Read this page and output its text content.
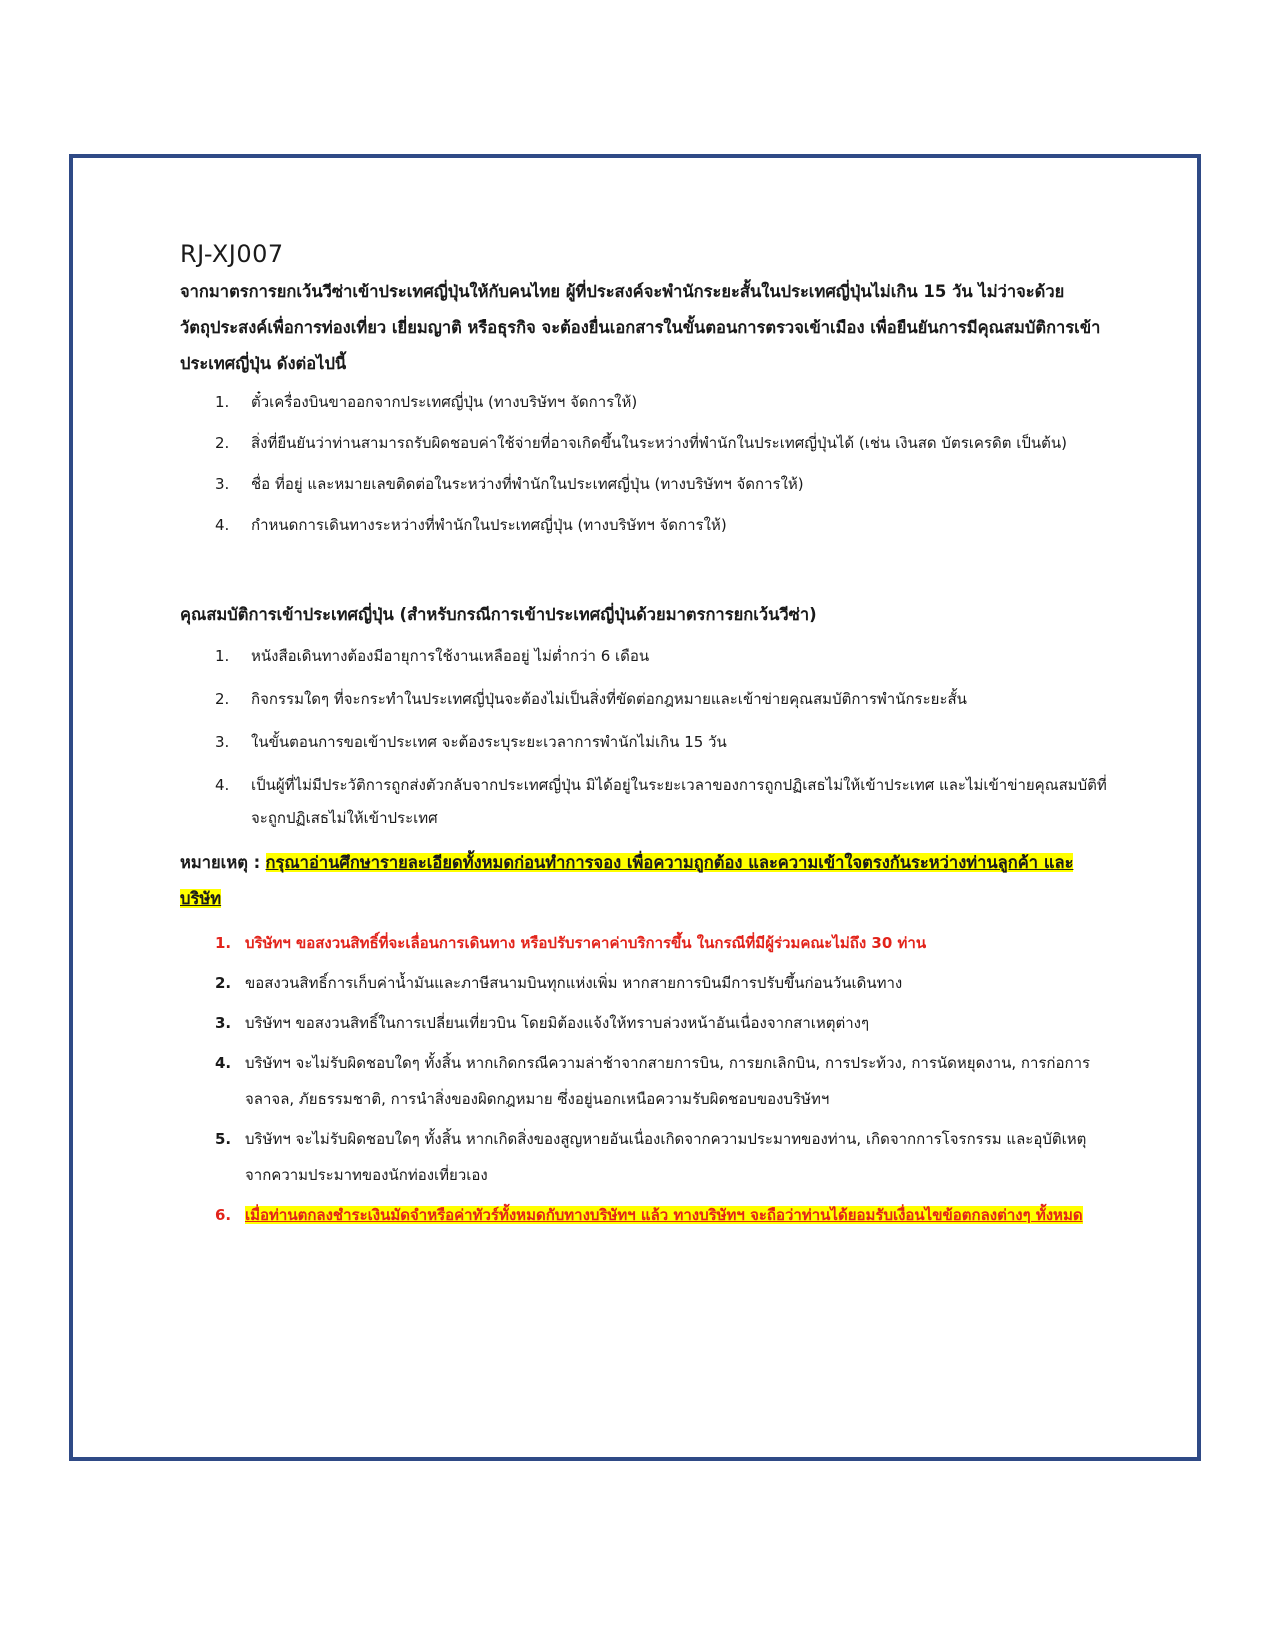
RJ-XJ007

จากมาตรการยกเว้นวีซ่าเข้าประเทศญี่ปุ่นให้กับคนไทย ผู้ที่ประสงค์จะพำนักระยะสั้นในประเทศญี่ปุ่นไม่เกิน 15 วัน ไม่ว่าจะด้วยวัตถุประสงค์เพื่อการท่องเที่ยว เยี่ยมญาติ หรือธุรกิจ จะต้องยื่นเอกสารในขั้นตอนการตรวจเข้าเมือง เพื่อยืนยันการมีคุณสมบัติการเข้าประเทศญี่ปุ่น ดังต่อไปนี้

1.	ตั๋วเครื่องบินขาออกจากประเทศญี่ปุ่น (ทางบริษัทฯ จัดการให้)
2.	สิ่งที่ยืนยันว่าท่านสามารถรับผิดชอบค่าใช้จ่ายที่อาจเกิดขึ้นในระหว่างที่พำนักในประเทศญี่ปุ่นได้ (เช่น เงินสด บัตรเครดิต เป็นต้น)
3.	ชื่อ ที่อยู่ และหมายเลขติดต่อในระหว่างที่พำนักในประเทศญี่ปุ่น (ทางบริษัทฯ จัดการให้)
4.	กำหนดการเดินทางระหว่างที่พำนักในประเทศญี่ปุ่น (ทางบริษัทฯ จัดการให้)
คุณสมบัติการเข้าประเทศญี่ปุ่น (สำหรับกรณีการเข้าประเทศญี่ปุ่นด้วยมาตรการยกเว้นวีซ่า)
1.	หนังสือเดินทางต้องมีอายุการใช้งานเหลืออยู่ ไม่ต่ำกว่า 6 เดือน
2.	กิจกรรมใดๆ ที่จะกระทำในประเทศญี่ปุ่นจะต้องไม่เป็นสิ่งที่ขัดต่อกฎหมายและเข้าข่ายคุณสมบัติการพำนักระยะสั้น
3.	ในขั้นตอนการขอเข้าประเทศ จะต้องระบุระยะเวลาการพำนักไม่เกิน 15 วัน
4.	เป็นผู้ที่ไม่มีประวัติการถูกส่งตัวกลับจากประเทศญี่ปุ่น มิได้อยู่ในระยะเวลาของการถูกปฏิเสธไม่ให้เข้าประเทศ และไม่เข้าข่ายคุณสมบัติที่จะถูกปฏิเสธไม่ให้เข้าประเทศ

หมายเหตุ : กรุณาอ่านศึกษารายละเอียดทั้งหมดก่อนทำการจอง เพื่อความถูกต้อง และความเข้าใจตรงกันระหว่างท่านลูกค้า และบริษัท

1. บริษัทฯ ขอสงวนสิทธิ์ที่จะเลื่อนการเดินทาง หรือปรับราคาค่าบริการขึ้น ในกรณีที่มีผู้ร่วมคณะไม่ถึง 30 ท่าน
2. ขอสงวนสิทธิ์การเก็บค่าน้ำมันและภาษีสนามบินทุกแห่งเพิ่ม หากสายการบินมีการปรับขึ้นก่อนวันเดินทาง
3. บริษัทฯ ขอสงวนสิทธิ์ในการเปลี่ยนเที่ยวบิน โดยมิต้องแจ้งให้ทราบล่วงหน้าอันเนื่องจากสาเหตุต่างๆ
4. บริษัทฯ จะไม่รับผิดชอบใดๆ ทั้งสิ้น หากเกิดกรณีความล่าช้าจากสายการบิน, การยกเลิกบิน, การประท้วง, การนัดหยุดงาน, การก่อการจลาจล, ภัยธรรมชาติ, การนำสิ่งของผิดกฎหมาย ซึ่งอยู่นอกเหนือความรับผิดชอบของบริษัทฯ
5. บริษัทฯ จะไม่รับผิดชอบใดๆ ทั้งสิ้น หากเกิดสิ่งของสูญหายอันเนื่องเกิดจากความประมาทของท่าน, เกิดจากการโจรกรรม และอุบัติเหตุจากความประมาทของนักท่องเที่ยวเอง
6. เมื่อท่านตกลงชำระเงินมัดจำหรือค่าทัวร์ทั้งหมดกับทางบริษัทฯ แล้ว ทางบริษัทฯ จะถือว่าท่านได้ยอมรับเงื่อนไขข้อตกลงต่างๆ ทั้งหมด
